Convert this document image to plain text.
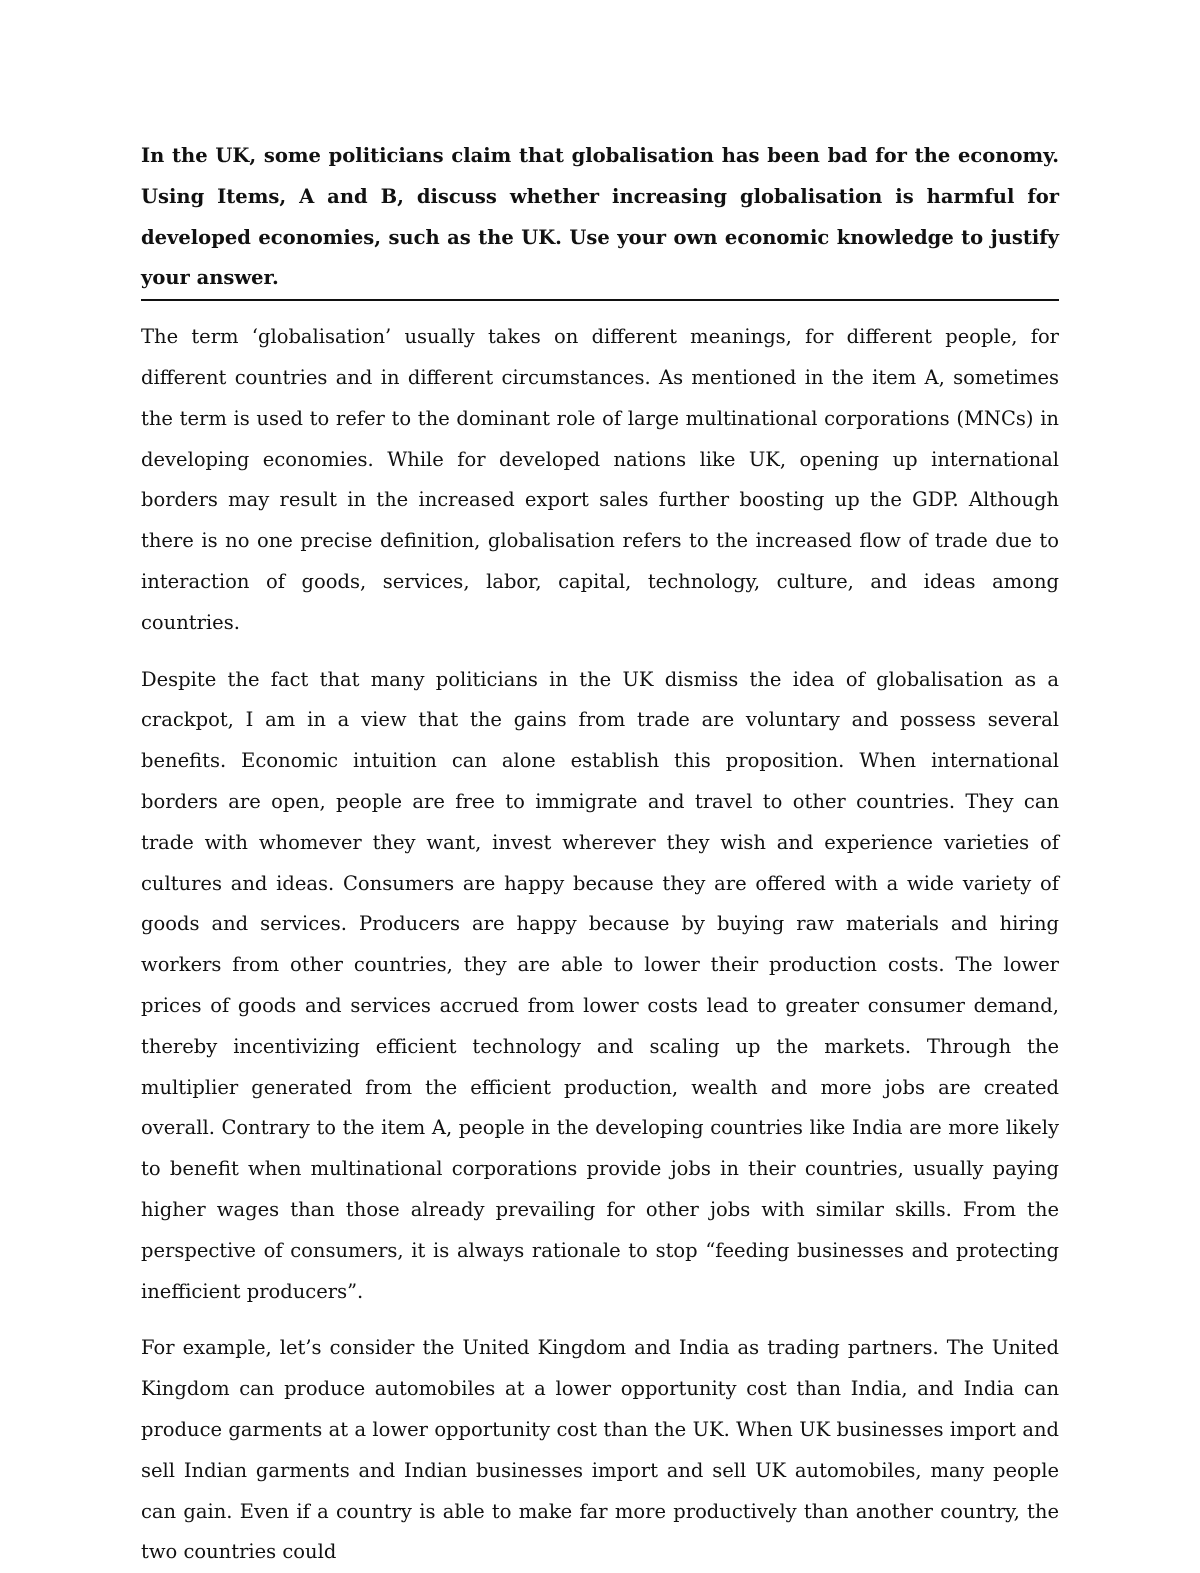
In the UK, some politicians claim that globalisation has been bad for the economy. Using Items, A and B, discuss whether increasing globalisation is harmful for developed economies, such as the UK. Use your own economic knowledge to justify your answer.

The term ‘globalisation’ usually takes on different meanings, for different people, for different countries and in different circumstances. As mentioned in the item A, sometimes the term is used to refer to the dominant role of large multinational corporations (MNCs) in developing economies. While for developed nations like UK, opening up international borders may result in the increased export sales further boosting up the GDP. Although there is no one precise definition, globalisation refers to the increased flow of trade due to interaction of goods, services, labor, capital, technology, culture, and ideas among countries.

Despite the fact that many politicians in the UK dismiss the idea of globalisation as a crackpot, I am in a view that the gains from trade are voluntary and possess several benefits. Economic intuition can alone establish this proposition. When international borders are open, people are free to immigrate and travel to other countries. They can trade with whomever they want, invest wherever they wish and experience varieties of cultures and ideas. Consumers are happy because they are offered with a wide variety of goods and services. Producers are happy because by buying raw materials and hiring workers from other countries, they are able to lower their production costs. The lower prices of goods and services accrued from lower costs lead to greater consumer demand, thereby incentivizing efficient technology and scaling up the markets. Through the multiplier generated from the efficient production, wealth and more jobs are created overall. Contrary to the item A, people in the developing countries like India are more likely to benefit when multinational corporations provide jobs in their countries, usually paying higher wages than those already prevailing for other jobs with similar skills. From the perspective of consumers, it is always rationale to stop “feeding businesses and protecting inefficient producers”.

For example, let’s consider the United Kingdom and India as trading partners. The United Kingdom can produce automobiles at a lower opportunity cost than India, and India can produce garments at a lower opportunity cost than the UK. When UK businesses import and sell Indian garments and Indian businesses import and sell UK automobiles, many people can gain. Even if a country is able to make far more productively than another country, the two countries could
